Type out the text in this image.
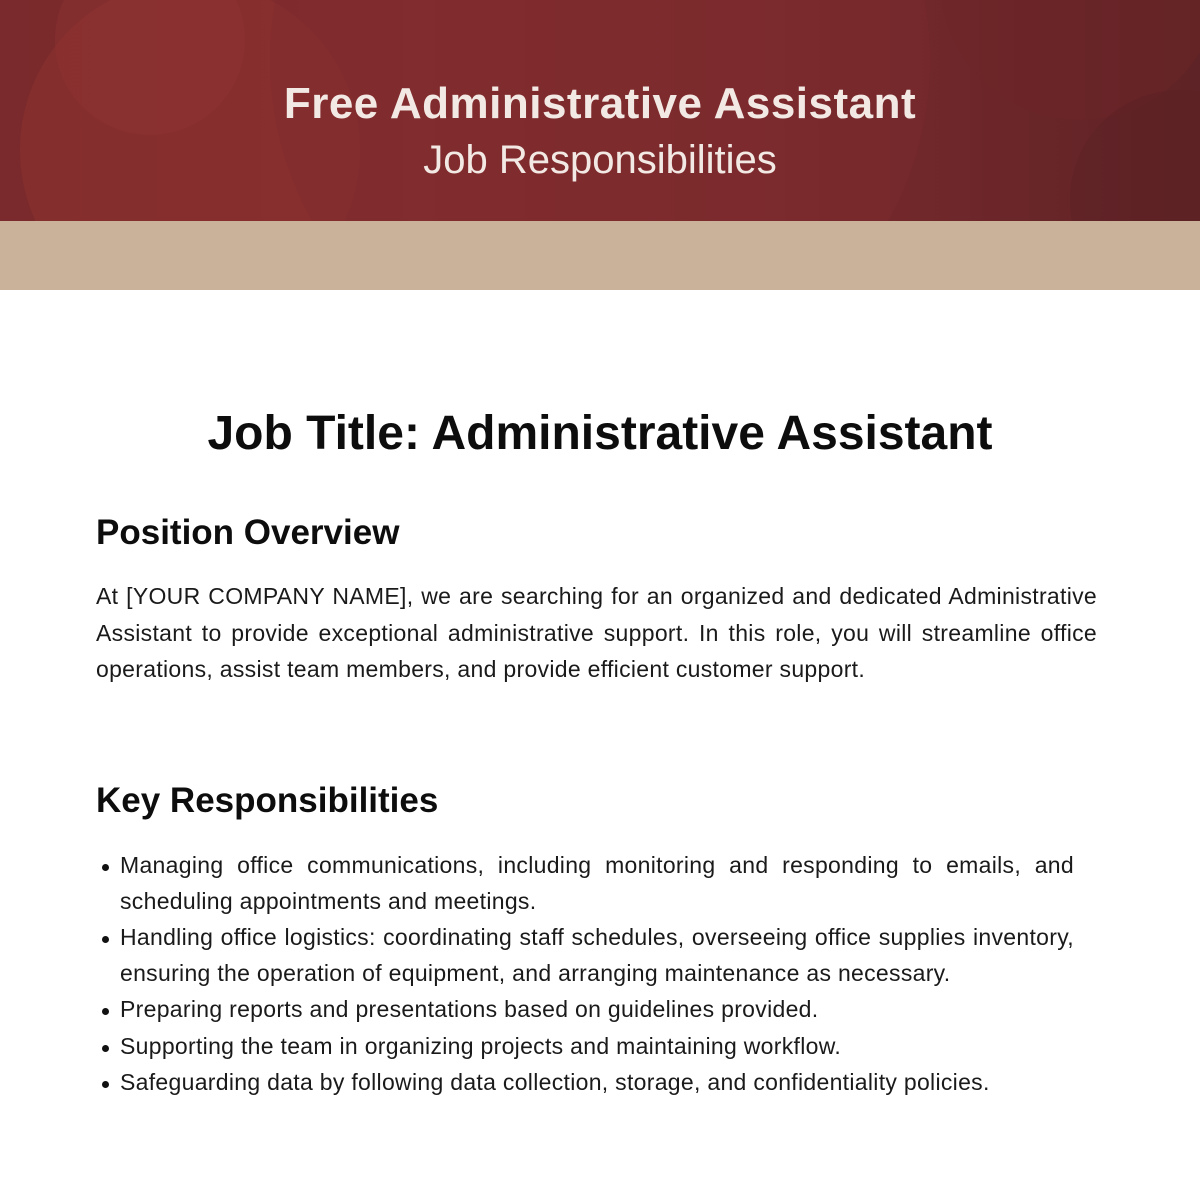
Free Administrative Assistant
Job Responsibilities
Job Title: Administrative Assistant
Position Overview

At [YOUR COMPANY NAME], we are searching for an organized and dedicated Administrative Assistant to provide exceptional administrative support. In this role, you will streamline office operations, assist team members, and provide efficient customer support.

Key Responsibilities
Managing office communications, including monitoring and responding to emails, and scheduling appointments and meetings.
Handling office logistics: coordinating staff schedules, overseeing office supplies inventory, ensuring the operation of equipment, and arranging maintenance as necessary.
Preparing reports and presentations based on guidelines provided.
Supporting the team in organizing projects and maintaining workflow.
Safeguarding data by following data collection, storage, and confidentiality policies.
